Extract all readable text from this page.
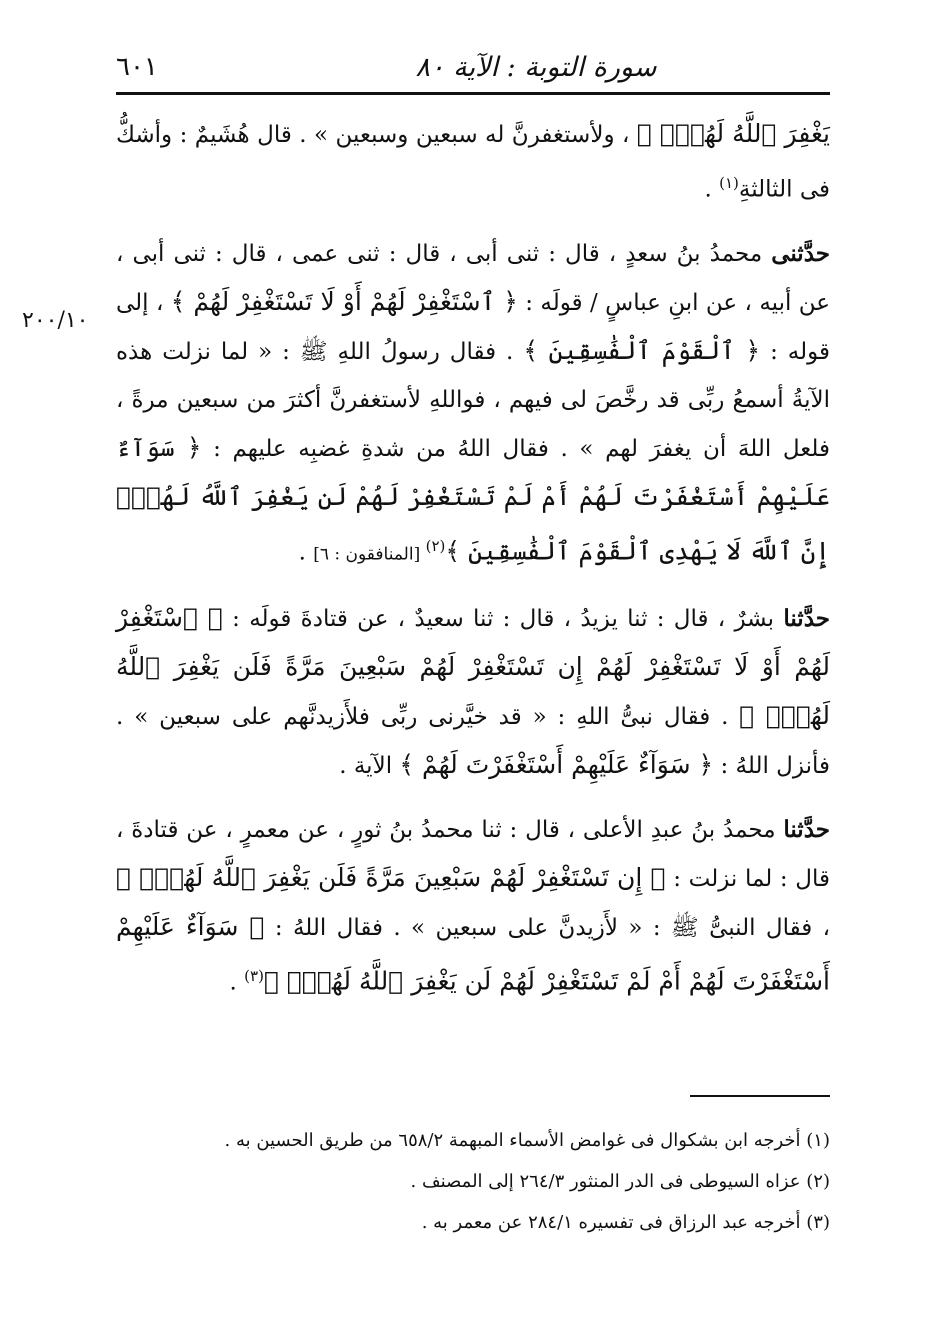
٦٠١	سورة التوبة : الآية ٨٠
٢٠٠/١٠

يَغْفِرَ ٱللَّهُ لَهُمْۚ ﴾ ، ولأستغفرنَّ له سبعين وسبعين » . قال هُشَيمٌ : وأشكُّ فى الثالثةِ$^{(١)}$ .

حدَّثنى محمدُ بنُ سعدٍ ، قال : ثنى أبى ، قال : ثنى عمى ، قال : ثنى أبى ، عن أبيه ، عن ابنِ عباسٍ / قولَه : ﴿ ٱسْتَغْفِرْ لَهُمْ أَوْ لَا تَسْتَغْفِرْ لَهُمْ ﴾ ، إلى قوله : ﴿ ٱلْقَوْمَ ٱلْفَٰسِقِينَ ﴾ . فقال رسولُ اللهِ ﷺ : « لما نزلت هذه الآيةُ أسمعُ ربِّى قد رخَّصَ لى فيهم ، فواللهِ لأستغفرنَّ أكثرَ من سبعين مرةً ، فلعل اللهَ أن يغفرَ لهم » . فقال اللهُ من شدةِ غضبِه عليهم : ﴿ سَوَآءٌ عَلَيْهِمْ أَسْتَغْفَرْتَ لَهُمْ أَمْ لَمْ تَسْتَغْفِرْ لَهُمْ لَن يَغْفِرَ ٱللَّهُ لَهُمْۚ إِنَّ ٱللَّهَ لَا يَهْدِى ٱلْقَوْمَ ٱلْفَٰسِقِينَ ﴾$^{(٢)}$ [المنافقون : ٦] .

حدَّثنا بشرٌ ، قال : ثنا يزيدُ ، قال : ثنا سعيدٌ ، عن قتادةَ قولَه : ﴿ ٱسْتَغْفِرْ لَهُمْ أَوْ لَا تَسْتَغْفِرْ لَهُمْ إِن تَسْتَغْفِرْ لَهُمْ سَبْعِينَ مَرَّةً فَلَن يَغْفِرَ ٱللَّهُ لَهُمْۚ ﴾ . فقال نبىُّ اللهِ : « قد خيَّرنى ربِّى فلأَزيدنَّهم على سبعين » . فأنزل اللهُ : ﴿ سَوَآءٌ عَلَيْهِمْ أَسْتَغْفَرْتَ لَهُمْ ﴾ الآية .

حدَّثنا محمدُ بنُ عبدِ الأعلى ، قال : ثنا محمدُ بنُ ثورٍ ، عن معمرٍ ، عن قتادةَ ، قال : لما نزلت : ﴿ إِن تَسْتَغْفِرْ لَهُمْ سَبْعِينَ مَرَّةً فَلَن يَغْفِرَ ٱللَّهُ لَهُمْۚ ﴾ ، فقال النبىُّ ﷺ : « لأَزيدنَّ على سبعين » . فقال اللهُ : ﴿ سَوَآءٌ عَلَيْهِمْ أَسْتَغْفَرْتَ لَهُمْ أَمْ لَمْ تَسْتَغْفِرْ لَهُمْ لَن يَغْفِرَ ٱللَّهُ لَهُمْۚ ﴾$^{(٣)}$ .

(١) أخرجه ابن بشكوال فى غوامض الأسماء المبهمة ٦٥٨/٢ من طريق الحسين به .

(٢) عزاه السيوطى فى الدر المنثور ٢٦٤/٣ إلى المصنف .

(٣) أخرجه عبد الرزاق فى تفسيره ٢٨٤/١ عن معمر به .
